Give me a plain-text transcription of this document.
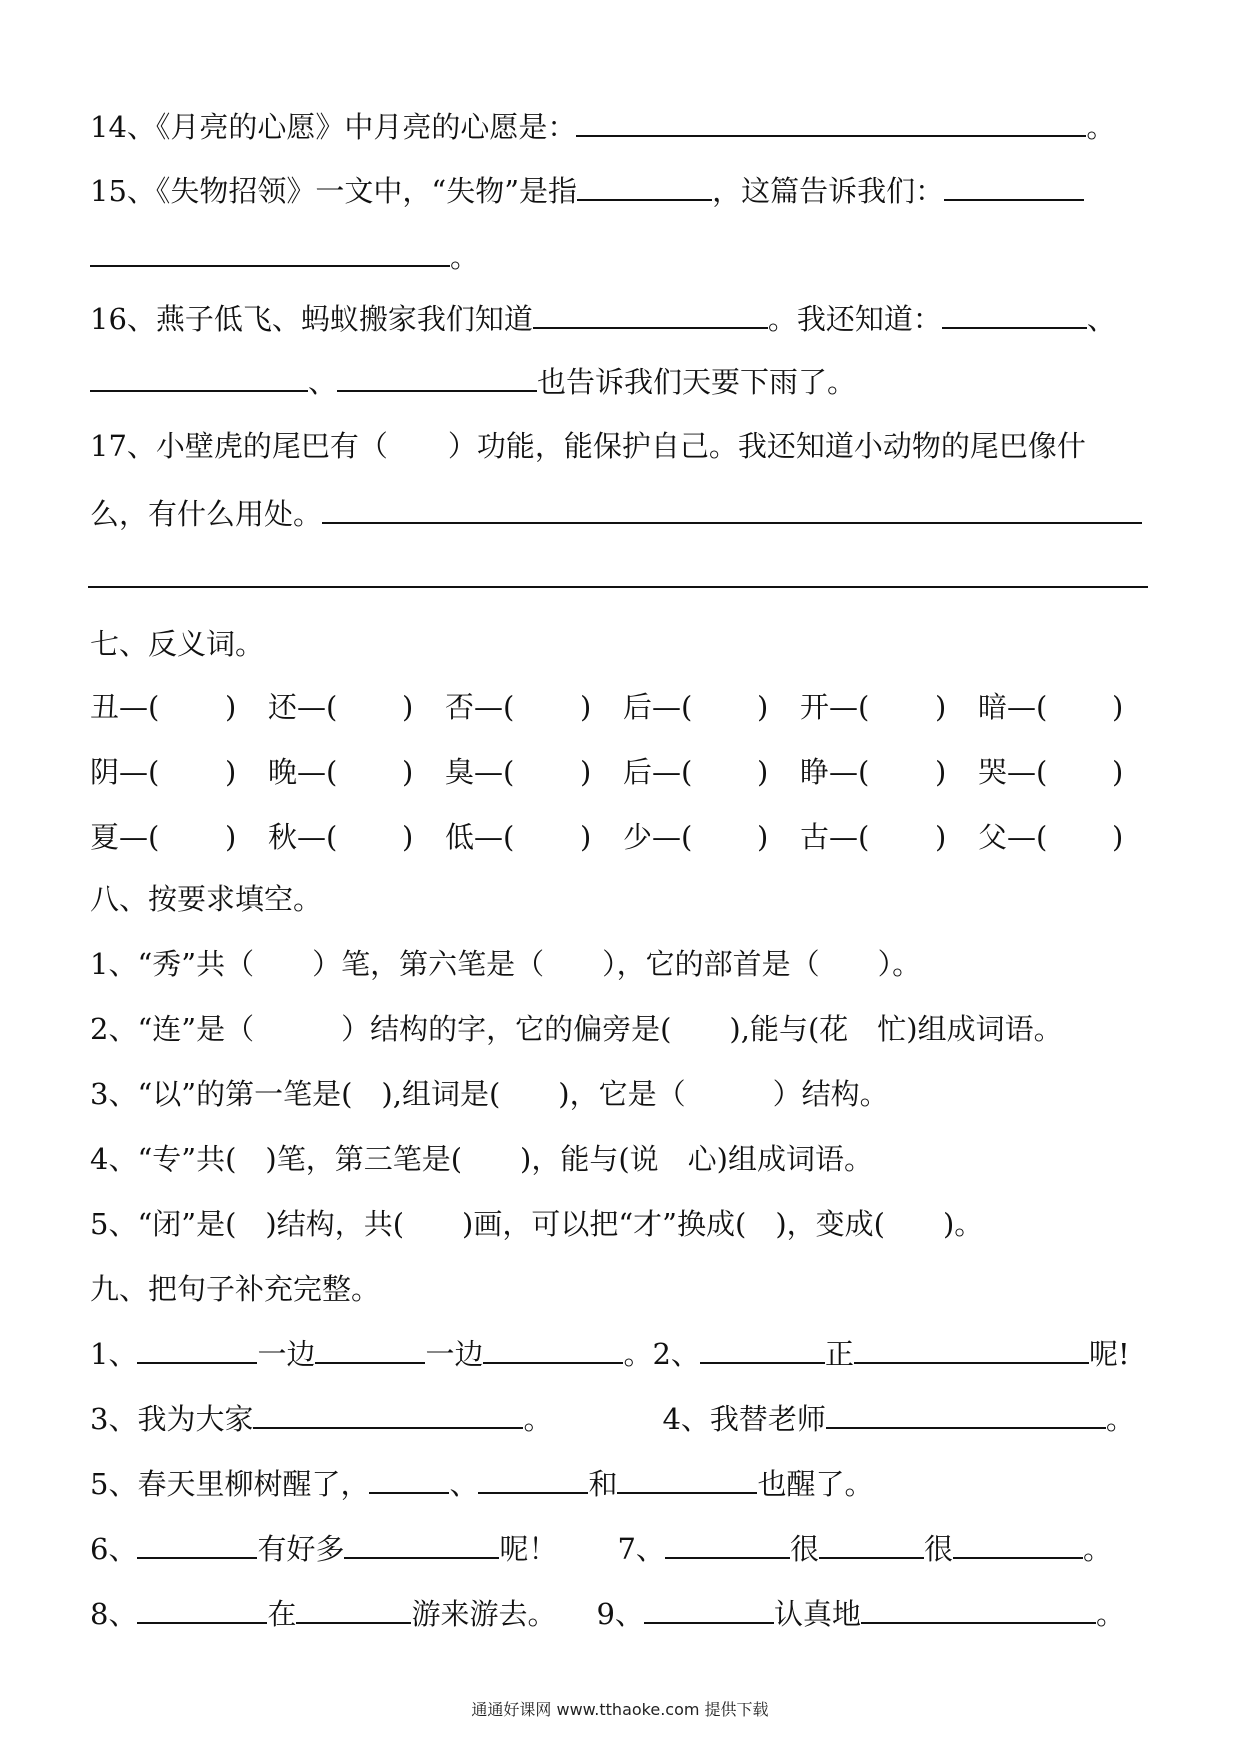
14、《月亮的心愿》中月亮的心愿是：	。
15、《失物招领》一文中，“失物”是指	，这篇告诉我们：
。
16、燕子低飞、蚂蚁搬家我们知道	。我还知道：	、
、	也告诉我们天要下雨了。
17、小壁虎的尾巴有（ ）功能，能保护自己。我还知道小动物的尾巴像什
么，有什么用处。
七、反义词。
丑—( ) 还—( ) 否—( ) 后—( ) 开—( ) 暗—( )
阴—( ) 晚—( ) 臭—( ) 后—( ) 睁—( ) 哭—( )
夏—( ) 秋—( ) 低—( ) 少—( ) 古—( ) 父—( )
八、按要求填空。
1、“秀”共（　　）笔，第六笔是（　　），它的部首是（　　）。
2、“连”是（　　　）结构的字，它的偏旁是(　　),能与(花　忙)组成词语。
3、“以”的第一笔是(　),组词是(　　)，它是（　　　）结构。
4、“专”共(　)笔，第三笔是(　　)，能与(说　心)组成词语。
5、“闭”是(　)结构，共(　　)画，可以把“才”换成(　)，变成(　　)。
九、把句子补充完整。
1、	一边	一边	。2、	正	呢!
3、我为大家	。	4、我替老师	。
5、春天里柳树醒了，	、	和	也醒了。
6、	有好多	呢！ 7、	很	很	。
8、	在	游来游去。 9、	认真地	。
通通好课网 www.tthaoke.com 提供下载
